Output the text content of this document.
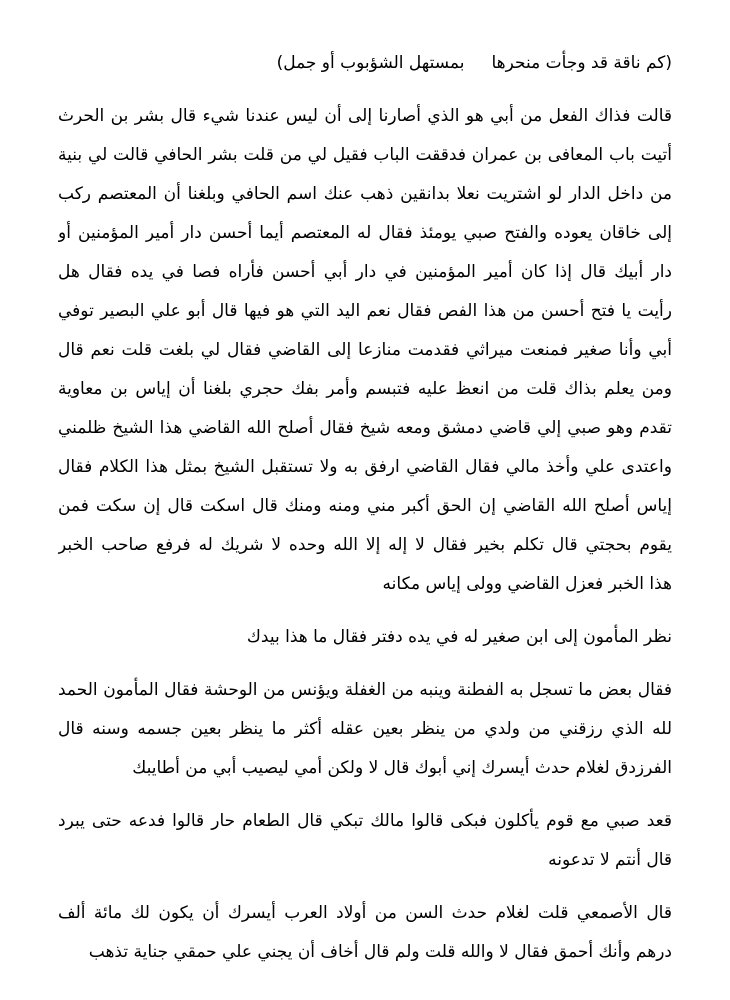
(كم ناقة قد وجأت منحرها     بمستهل الشؤبوب أو جمل)
قالت فذاك الفعل من أبي هو الذي أصارنا إلى أن ليس عندنا شيء قال بشر بن الحرث
أتيت باب المعافى بن عمران فدققت الباب فقيل لي من قلت بشر الحافي قالت لي بنية
من داخل الدار لو اشتريت نعلا بدانقين ذهب عنك اسم الحافي وبلغنا أن المعتصم ركب
إلى خاقان يعوده والفتح صبي يومئذ فقال له المعتصم أيما أحسن دار أمير المؤمنين أو
دار أبيك قال إذا كان أمير المؤمنين في دار أبي أحسن فأراه فصا في يده فقال هل
رأيت يا فتح أحسن من هذا الفص فقال نعم اليد التي هو فيها قال أبو علي البصير توفي
أبي وأنا صغير فمنعت ميراثي فقدمت منازعا إلى القاضي فقال لي بلغت قلت نعم قال
ومن يعلم بذاك قلت من انعظ عليه فتبسم وأمر بفك حجري بلغنا أن إياس بن معاوية
تقدم وهو صبي إلي قاضي دمشق ومعه شيخ فقال أصلح الله القاضي هذا الشيخ ظلمني
واعتدى علي وأخذ مالي فقال القاضي ارفق به ولا تستقبل الشيخ بمثل هذا الكلام فقال
إياس أصلح الله القاضي إن الحق أكبر مني ومنه ومنك قال اسكت قال إن سكت فمن
يقوم بحجتي قال تكلم بخير فقال لا إله إلا الله وحده لا شريك له فرفع صاحب الخبر
هذا الخبر فعزل القاضي وولى إياس مكانه
نظر المأمون إلى ابن صغير له في يده دفتر فقال ما هذا بيدك
فقال بعض ما تسجل به الفطنة وينبه من الغفلة ويؤنس من الوحشة فقال المأمون الحمد
لله الذي رزقني من ولدي من ينظر بعين عقله أكثر ما ينظر بعين جسمه وسنه قال
الفرزدق لغلام حدث أيسرك إني أبوك قال لا ولكن أمي ليصيب أبي من أطايبك
قعد صبي مع قوم يأكلون فبكى قالوا مالك تبكي قال الطعام حار قالوا فدعه حتى يبرد
قال أنتم لا تدعونه
قال الأصمعي قلت لغلام حدث السن من أولاد العرب أيسرك أن يكون لك مائة ألف
درهم وأنك أحمق فقال لا والله قلت ولم قال أخاف أن يجني علي حمقي جناية تذهب
